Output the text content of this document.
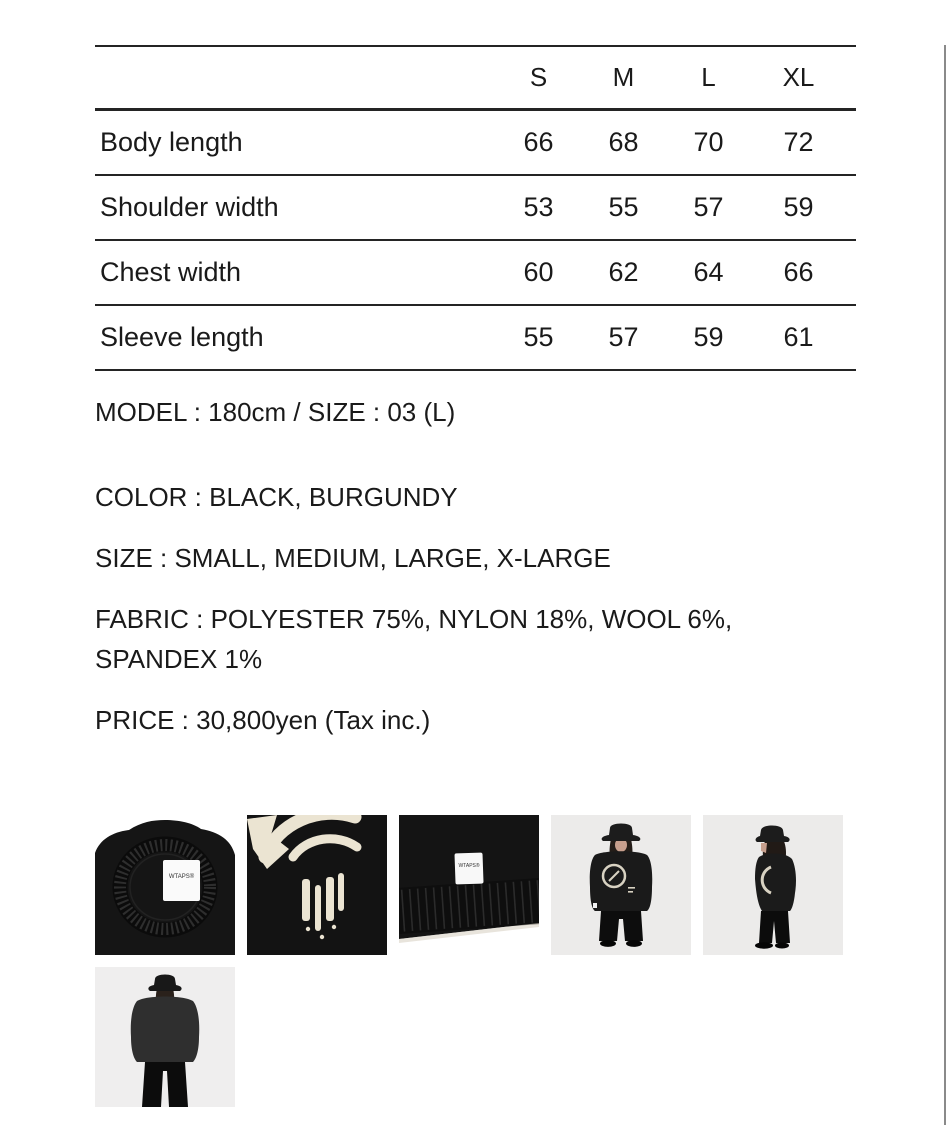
	S	M	L	XL
Body length	66	68	70	72
Shoulder width	53	55	57	59
Chest width	60	62	64	66
Sleeve length	55	57	59	61

MODEL : 180cm / SIZE : 03 (L)

COLOR : BLACK, BURGUNDY

SIZE : SMALL, MEDIUM, LARGE, X-LARGE

FABRIC : POLYESTER 75%, NYLON 18%, WOOL 6%, SPANDEX 1%

PRICE : 30,800yen (Tax inc.)

WTAPS®
WTAPS®
